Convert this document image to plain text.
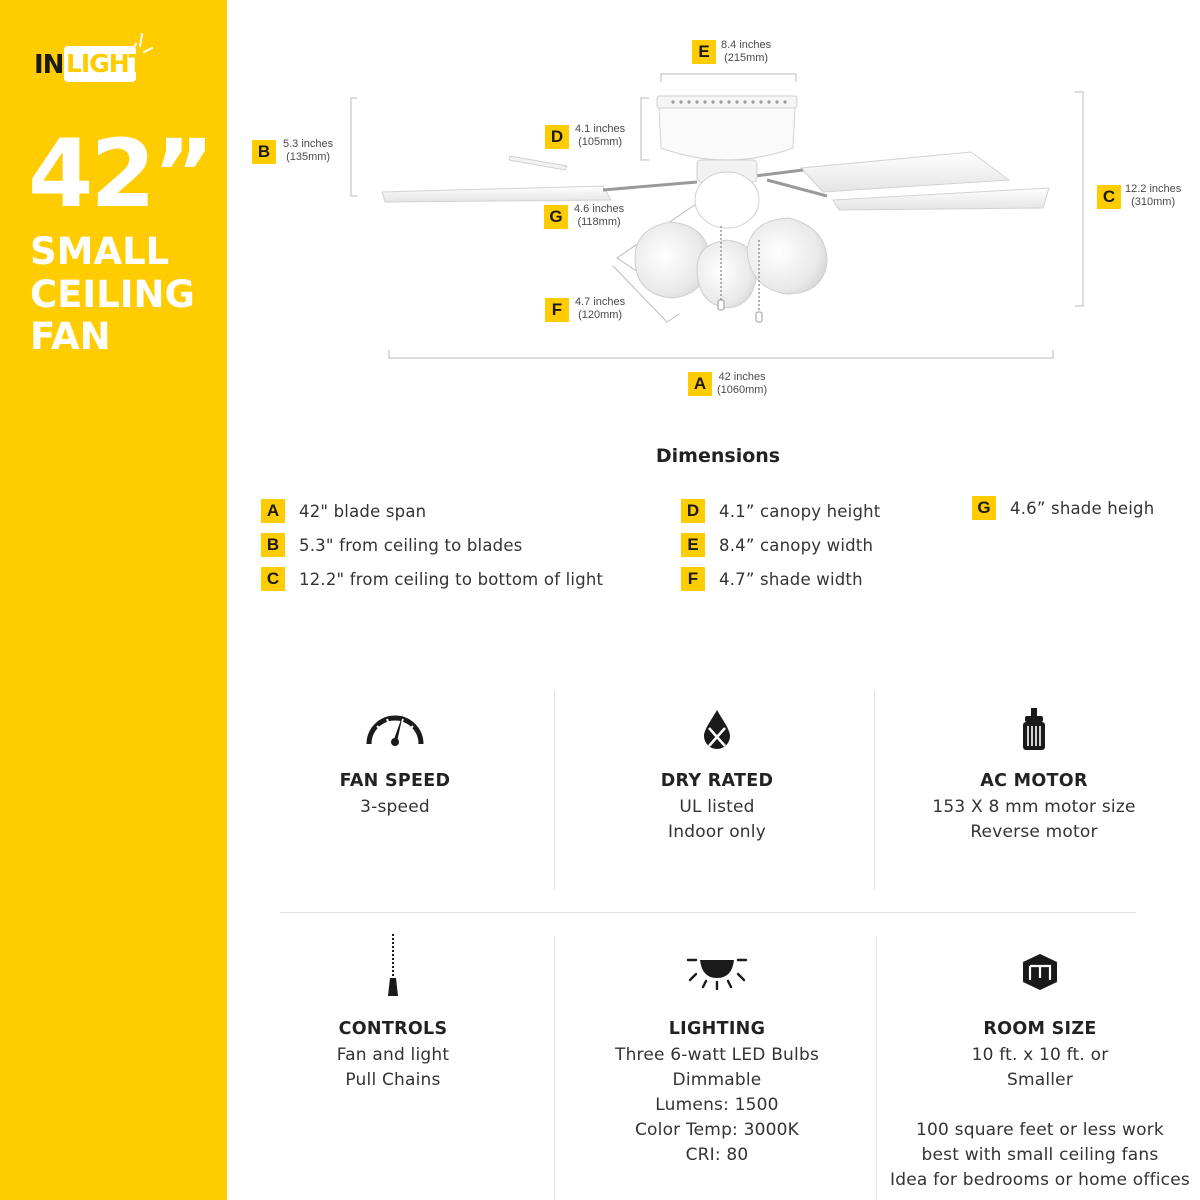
IN LIGHT
42”
SMALL
CEILING
FAN
E	8.4 inches
(215mm)
B	5.3 inches
(135mm)
D	4.1 inches
(105mm)
C 12.2 inches
(310mm)
G	4.6 inches
(118mm)
F	4.7 inches
(120mm)
A	42 inches
(1060mm)
Dimensions
A	42" blade span
B	5.3" from ceiling to blades
C	12.2" from ceiling to bottom of light
D	4.1” canopy height
E	8.4” canopy width
F	4.7” shade width
G	4.6” shade heigh
FAN SPEED
3-speed
DRY RATED
UL listed
Indoor only
AC MOTOR
153 X 8 mm motor size
Reverse motor
CONTROLS
Fan and light
Pull Chains
LIGHTING
Three 6-watt LED Bulbs
Dimmable
Lumens: 1500
Color Temp: 3000K
CRI: 80
ROOM SIZE
10 ft. x 10 ft. or
Smaller
100 square feet or less work
best with small ceiling fans
Idea for bedrooms or home offices
